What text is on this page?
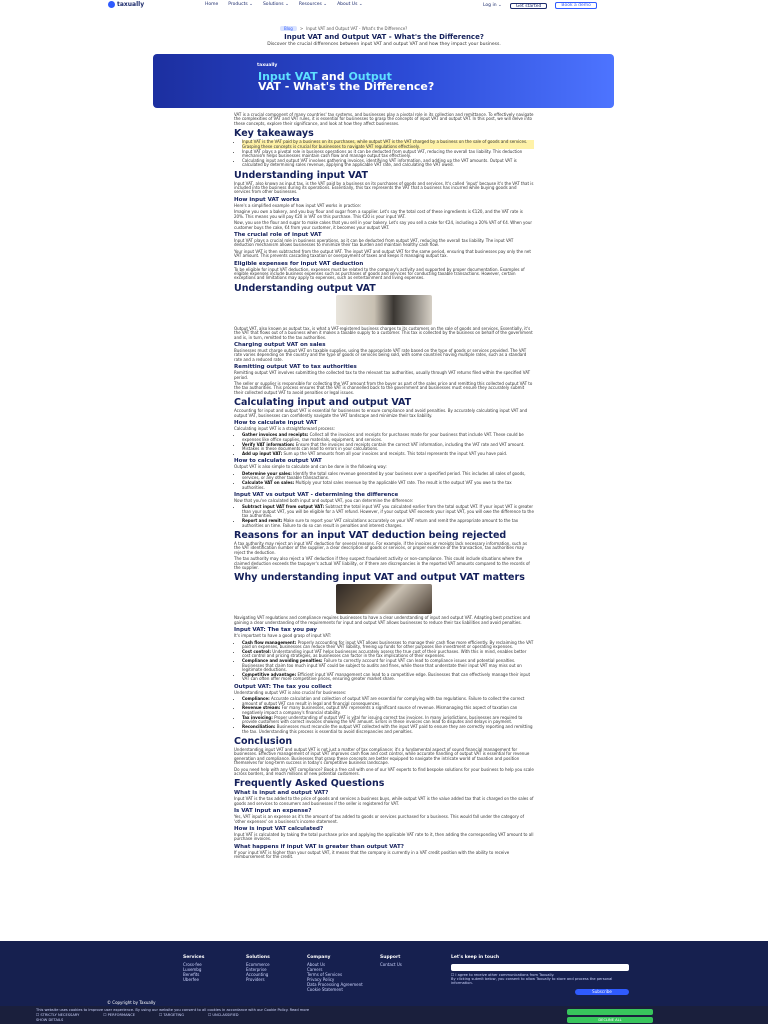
taxually	Home Products ⌄ Solutions ⌄ Resources ⌄ About Us ⌄	Log in ⌄	Get started	Book a demo
Blog	> Input VAT and Output VAT - What's the Difference?
Input VAT and Output VAT - What's the Difference?
Discover the crucial differences between input VAT and output VAT and how they impact your business.
taxually
Input VAT and Output
VAT - What's the Difference?

VAT is a crucial component of many countries' tax systems, and businesses play a pivotal role in its collection and remittance. To effectively navigate the complexities of VAT and VAT rules, it is essential for businesses to grasp the concepts of input VAT and output VAT. In this post, we will delve into these concepts, explore their significance, and look at how they affect businesses.

Key takeaways
• Input VAT is the VAT paid by a business on its purchases, while output VAT is the VAT charged by a business on the sale of goods and services. Grasping these concepts is crucial for businesses to navigate VAT regulations effectively.
• Input VAT plays a pivotal role in business operations as it can be deducted from output VAT, reducing the overall tax liability. This deduction mechanism helps businesses maintain cash flow and manage output tax effectively.
• Calculating input and output VAT involves gathering invoices, identifying VAT information, and adding up the VAT amounts. Output VAT is calculated by determining sales revenue, applying the applicable VAT rate, and calculating the VAT owed.
Understanding input VAT

Input VAT, also known as input tax, is the VAT paid by a business on its purchases of goods and services. It's called 'input' because it's the VAT that is included into the business during its operations. Essentially, this tax represents the VAT that a business has incurred while buying goods and services from other businesses.

How input VAT works

Here's a simplified example of how input VAT works in practice:

Imagine you own a bakery, and you buy flour and sugar from a supplier. Let's say the total cost of these ingredients is €120, and the VAT rate is 20%. This means you will pay €20 in VAT on this purchase. This €20 is your input VAT.

Now, you use the flour and sugar to make cakes that you sell in your bakery. Let's say you sell a cake for €24, including a 20% VAT of €4. When your customer buys the cake, €4 from your customer, it becomes your output VAT.

The crucial role of input VAT

Input VAT plays a crucial role in business operations, as it can be deducted from output VAT, reducing the overall tax liability. The input VAT deduction mechanism allows businesses to minimize their tax burden and maintain healthy cash flow.

Your input VAT is then subtracted from the output VAT. The input VAT and output VAT for the same period, ensuring that businesses pay only the net VAT amount. This prevents cascading taxation or overpayment of taxes and keeps it managing output tax.

Eligible expenses for input VAT deduction

To be eligible for input VAT deduction, expenses must be related to the company's activity and supported by proper documentation. Examples of eligible expenses include business expenses such as purchases of goods and services for conducting taxable transactions. However, certain exceptions and limitations may apply to expenses, such as entertainment and living expenses.

Understanding output VAT

Output VAT, also known as output tax, is what a VAT-registered business charges to its customers on the sale of goods and services. Essentially, it's the VAT that flows out of a business when it makes a taxable supply to a customer. This tax is collected by the business on behalf of the government and is, in turn, remitted to the tax authorities.

Charging output VAT on sales

Businesses must charge output VAT on taxable supplies, using the appropriate VAT rate based on the type of goods or services provided. The VAT rate varies depending on the country and the type of goods or services being sold, with some countries having multiple rates, such as a standard rate and a reduced rate.

Remitting output VAT to tax authorities

Remitting output VAT involves submitting the collected tax to the relevant tax authorities, usually through VAT returns filed within the specified VAT period.

The seller or supplier is responsible for collecting the VAT amount from the buyer as part of the sales price and remitting this collected output VAT to the tax authorities. This process ensures that the VAT is channelled back to the government and businesses must ensure they accurately submit their collected output VAT to avoid penalties or legal issues.

Calculating input and output VAT

Accounting for input and output VAT is essential for businesses to ensure compliance and avoid penalties. By accurately calculating input VAT and output VAT, businesses can confidently navigate the VAT landscape and minimize their tax liability.

How to calculate input VAT

Calculating input VAT is a straightforward process:

• Gather invoices and receipts: Collect all the invoices and receipts for purchases made for your business that include VAT. These could be expenses like office supplies, raw materials, equipment, and services.
• Verify VAT information: Ensure that the invoices and receipts contain the correct VAT information, including the VAT rate and VAT amount. Mistakes in these documents can lead to errors in your calculations.
• Add up input VAT: Sum up the VAT amounts from all your invoices and receipts. This total represents the input VAT you have paid.
How to calculate output VAT

Output VAT is also simple to calculate and can be done in the following way:

• Determine your sales: Identify the total sales revenue generated by your business over a specified period. This includes all sales of goods, services, or any other taxable transactions.
• Calculate VAT on sales: Multiply your total sales revenue by the applicable VAT rate. The result is the output VAT you owe to the tax authorities.
Input VAT vs output VAT - determining the difference

Now that you've calculated both input and output VAT, you can determine the difference:

• Subtract input VAT from output VAT: Subtract the total input VAT you calculated earlier from the total output VAT. If your input VAT is greater than your output VAT, you will be eligible for a VAT refund. However, if your output VAT exceeds your input VAT, you will owe the difference to the tax authorities.
• Report and remit: Make sure to report your VAT calculations accurately on your VAT return and remit the appropriate amount to the tax authorities on time. Failure to do so can result in penalties and interest charges.
Reasons for an input VAT deduction being rejected

A tax authority may reject an input VAT deduction for several reasons. For example, if the invoices or receipts lack necessary information, such as the VAT identification number of the supplier, a clear description of goods or services, or proper evidence of the transaction, tax authorities may reject the deduction.

The tax authority may also reject a VAT deduction if they suspect fraudulent activity or non-compliance. This could include situations where the claimed deduction exceeds the taxpayer's actual VAT liability, or if there are discrepancies in the reported VAT amounts compared to the records of the supplier.

Why understanding input VAT and output VAT matters

Navigating VAT regulations and compliance requires businesses to have a clear understanding of input and output VAT. Adapting best practices and gaining a clear understanding of the requirements for input and output VAT allows businesses to reduce their tax liabilities and avoid penalties.

Input VAT: The tax you pay

It's important to have a good grasp of input VAT:

• Cash flow management: Properly accounting for input VAT allows businesses to manage their cash flow more efficiently. By reclaiming the VAT paid on expenses, businesses can reduce their VAT liability, freeing up funds for other purposes like investment or operating expenses.
• Cost control: Understanding input VAT helps businesses accurately assess the true cost of their purchases. With this in mind, enables better cost control and pricing strategies, as businesses can factor in the tax implications of their expenses.
• Compliance and avoiding penalties: Failure to correctly account for input VAT can lead to compliance issues and potential penalties. Businesses that claim too much input VAT could be subject to audits and fines, while those that understate their input VAT may miss out on legitimate deductions.
• Competitive advantage: Efficient input VAT management can lead to a competitive edge. Businesses that can effectively manage their input VAT can often offer more competitive prices, ensuring greater market share.
Output VAT: The tax you collect

Understanding output VAT is also crucial for businesses:

• Compliance: Accurate calculation and collection of output VAT are essential for complying with tax regulations. Failure to collect the correct amount of output VAT can result in legal and financial consequences.
• Revenue stream: For many businesses, output VAT represents a significant source of revenue. Mismanaging this aspect of taxation can negatively impact a company's financial stability.
• Tax invoicing: Proper understanding of output VAT is vital for issuing correct tax invoices. In many jurisdictions, businesses are required to provide customers with correct invoices showing the VAT amount. Errors in these invoices can lead to disputes and delays in payment.
• Reconciliation: Businesses must reconcile the output VAT collected with the input VAT paid to ensure they are correctly reporting and remitting the tax. Understanding this process is essential to avoid discrepancies and penalties.
Conclusion

Understanding input VAT and output VAT is not just a matter of tax compliance; it's a fundamental aspect of sound financial management for businesses. Effective management of input VAT improves cash flow and cost control, while accurate handling of output VAT is essential for revenue generation and compliance. Businesses that grasp these concepts are better equipped to navigate the intricate world of taxation and position themselves for long-term success in today's competitive business landscape.

Do you need help with any VAT compliance? Book a free call with one of our VAT experts to find bespoke solutions for your business to help you scale across borders, and reach millions of new potential customers.

Frequently Asked Questions
What is input and output VAT?

Input VAT is the tax added to the price of goods and services a business buys, while output VAT is the value added tax that is charged on the sales of goods and services to consumers and businesses if the seller is registered for VAT.

Is VAT input an expense?

Yes, VAT input is an expense as it's the amount of tax added to goods or services purchased for a business. This would fall under the category of 'other expenses' on a business's income statement.

How is input VAT calculated?

Input VAT is calculated by taking the total purchase price and applying the applicable VAT rate to it, then adding the corresponding VAT amount to all purchase invoices.

What happens if input VAT is greater than output VAT?

If your input VAT is higher than your output VAT, it means that the company is currently in a VAT credit position with the ability to receive reimbursement for the credit.

Services
Cross-fee
Luxembg
Benefits
Uberfee
Solutions
Ecommerce
Enterprise
Accounting
Providers
Company
About Us
Careers
Terms of Services
Privacy Policy
Data Processing Agreement
Cookie Statement
Support
Contact Us
Let's keep in touch
☐ I agree to receive other communications from Taxually.
By clicking submit below, you consent to allow Taxually to store and process the personal information.
Subscribe
© Copyright by Taxually
This website uses cookies to improve user experience. By using our website you consent to all cookies in accordance with our Cookie Policy. Read more
☐ STRICTLY NECESSARY	☐ PERFORMANCE	☐ TARGETING	☐ UNCLASSIFIED
SHOW DETAILS	DECLINE ALL
